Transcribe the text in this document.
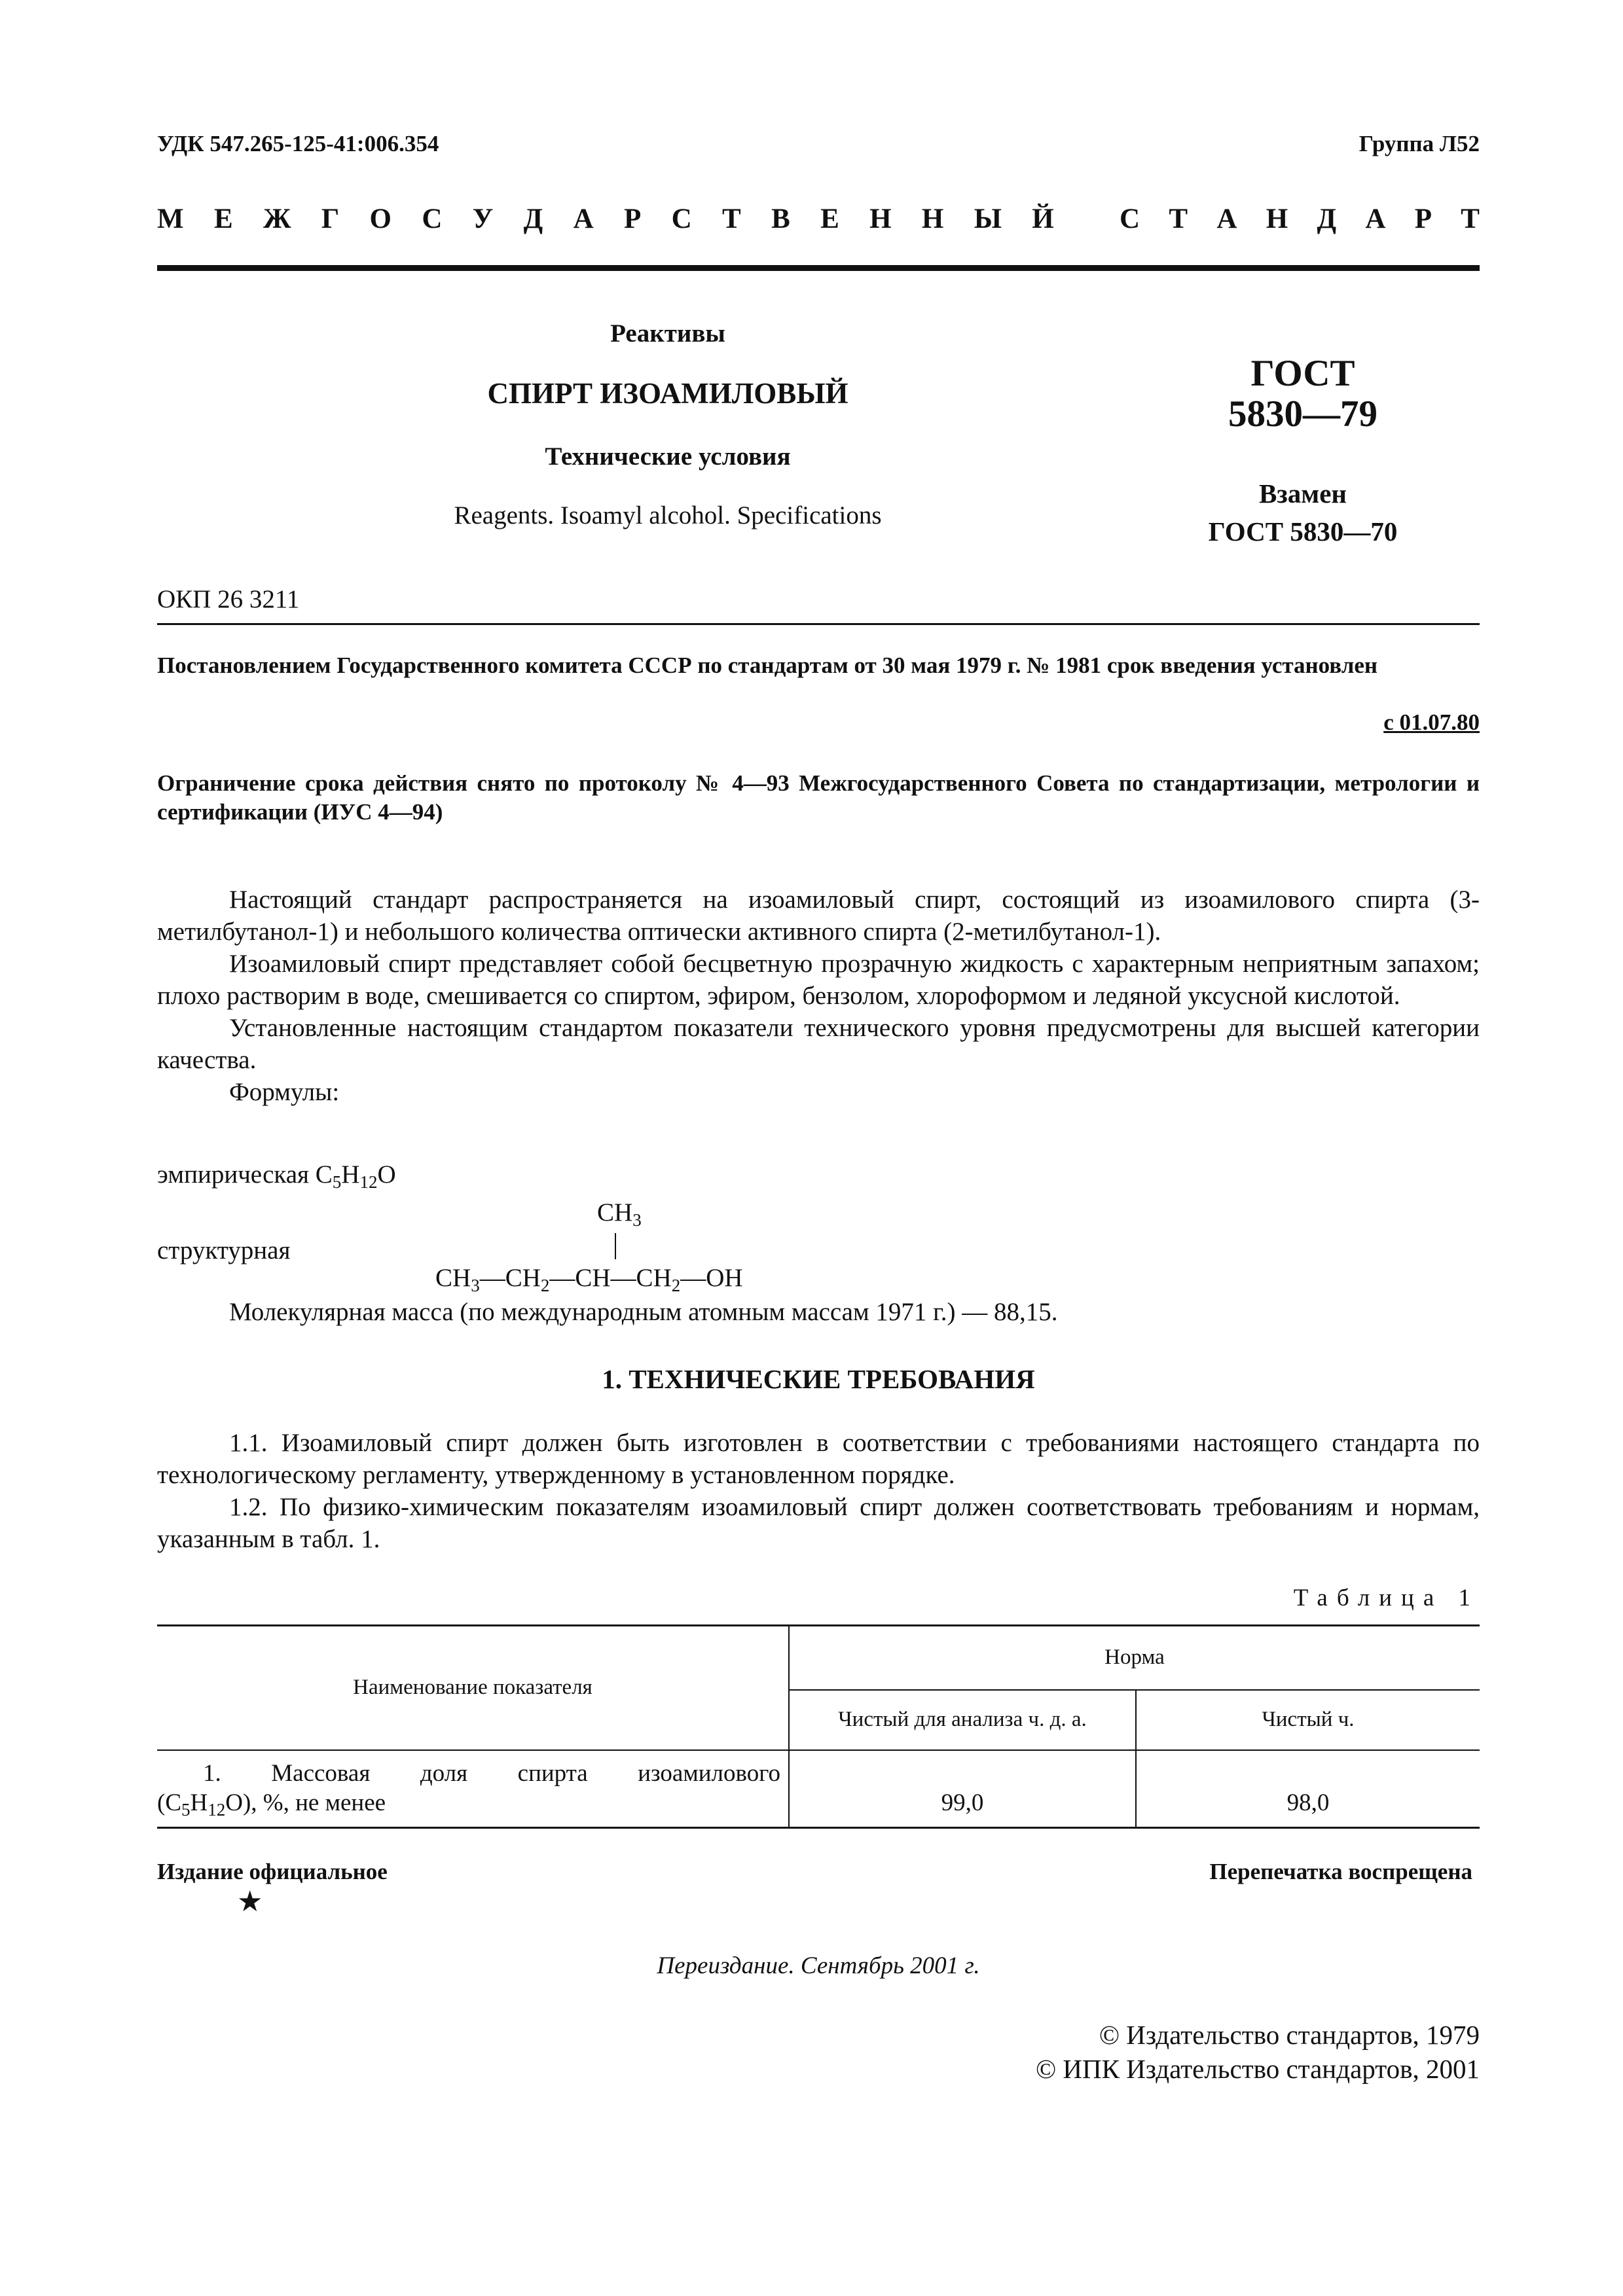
УДК 547.265-125-41:006.354	Группа Л52
М Е Ж Г О С У Д А Р С Т В Е Н Н Ы Й С Т А Н Д А Р Т
Реактивы
СПИРТ ИЗОАМИЛОВЫЙ
Технические условия
Reagents. Isoamyl alcohol. Specifications
ГОСТ
5830—79
Взамен
ГОСТ 5830—70
ОКП 26 3211
Постановлением Государственного комитета СССР по стандартам от 30 мая 1979 г. № 1981 срок введения установлен
с 01.07.80
Ограничение срока действия снято по протоколу № 4—93 Межгосударственного Совета по стандартизации, метрологии и сертификации (ИУС 4—94)

Настоящий стандарт распространяется на изоамиловый спирт, состоящий из изоамилового спирта (3-метилбутанол-1) и небольшого количества оптически активного спирта (2-метилбутанол-1).

Изоамиловый спирт представляет собой бесцветную прозрачную жидкость с характерным неприятным запахом; плохо растворим в воде, смешивается со спиртом, эфиром, бензолом, хлороформом и ледяной уксусной кислотой.

Установленные настоящим стандартом показатели технического уровня предусмотрены для высшей категории качества.

Формулы:

эмпирическая $C_5H_{12}O$
структурная
$CH_3$
$CH_3—CH_2—CH—CH_2—OH$
Молекулярная масса (по международным атомным массам 1971 г.) — 88,15.
1. ТЕХНИЧЕСКИЕ ТРЕБОВАНИЯ

1.1. Изоамиловый спирт должен быть изготовлен в соответствии с требованиями настоящего стандарта по технологическому регламенту, утвержденному в установленном порядке.

1.2. По физико-химическим показателям изоамиловый спирт должен соответствовать требованиям и нормам, указанным в табл. 1.

Таблица 1
Наименование показателя	Норма	
	Чистый для анализа ч. д. а.	Чистый ч.

1. Массовая доля спирта изоамилового
$(C_5H_{12}O)$, %, не менее	99,0	98,0
Издание официальное
★
Перепечатка воспрещена
Переиздание. Сентябрь 2001 г.
© Издательство стандартов, 1979
© ИПК Издательство стандартов, 2001
